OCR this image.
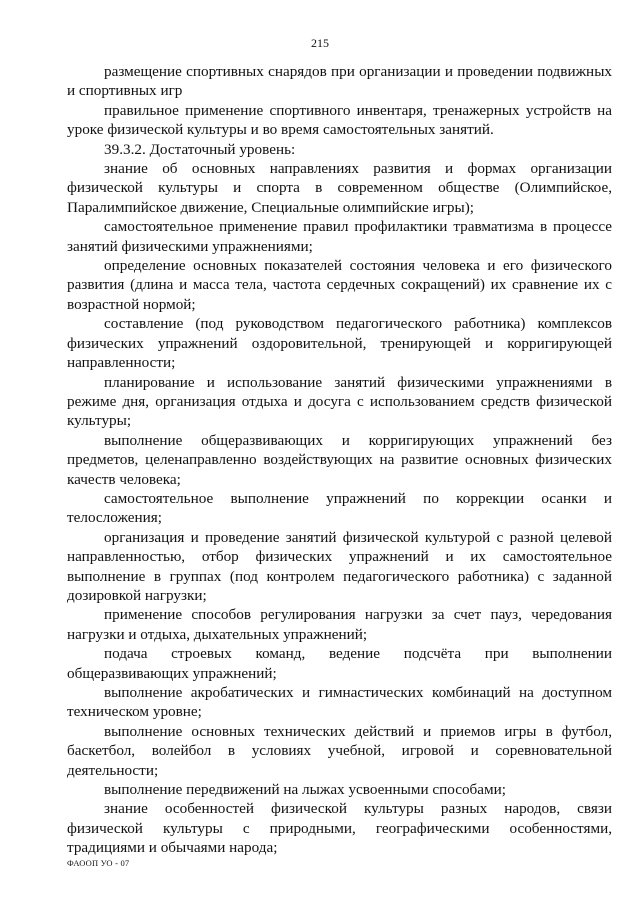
215

размещение спортивных снарядов при организации и проведении подвижных и спортивных игр

правильное применение спортивного инвентаря, тренажерных устройств на уроке физической культуры и во время самостоятельных занятий.

39.3.2. Достаточный уровень:

знание об основных направлениях развития и формах организации физической культуры и спорта в современном обществе (Олимпийское, Паралимпийское движение, Специальные олимпийские игры);

самостоятельное применение правил профилактики травматизма в процессе занятий физическими упражнениями;

определение основных показателей состояния человека и его физического развития (длина и масса тела, частота сердечных сокращений) их сравнение их с возрастной нормой;

составление (под руководством педагогического работника) комплексов физических упражнений оздоровительной, тренирующей и корригирующей направленности;

планирование и использование занятий физическими упражнениями в режиме дня, организация отдыха и досуга с использованием средств физической культуры;

выполнение общеразвивающих и корригирующих упражнений без предметов, целенаправленно воздействующих на развитие основных физических качеств человека;

самостоятельное выполнение упражнений по коррекции осанки и телосложения;

организация и проведение занятий физической культурой с разной целевой направленностью, отбор физических упражнений и их самостоятельное выполнение в группах (под контролем педагогического работника) с заданной дозировкой нагрузки;

применение способов регулирования нагрузки за счет пауз, чередования нагрузки и отдыха, дыхательных упражнений;

подача строевых команд, ведение подсчёта при выполнении общеразвивающих упражнений;

выполнение акробатических и гимнастических комбинаций на доступном техническом уровне;

выполнение основных технических действий и приемов игры в футбол, баскетбол, волейбол в условиях учебной, игровой и соревновательной деятельности;

выполнение передвижений на лыжах усвоенными способами;

знание особенностей физической культуры разных народов, связи физической культуры с природными, географическими особенностями, традициями и обычаями народа;

ФАООП УО - 07
